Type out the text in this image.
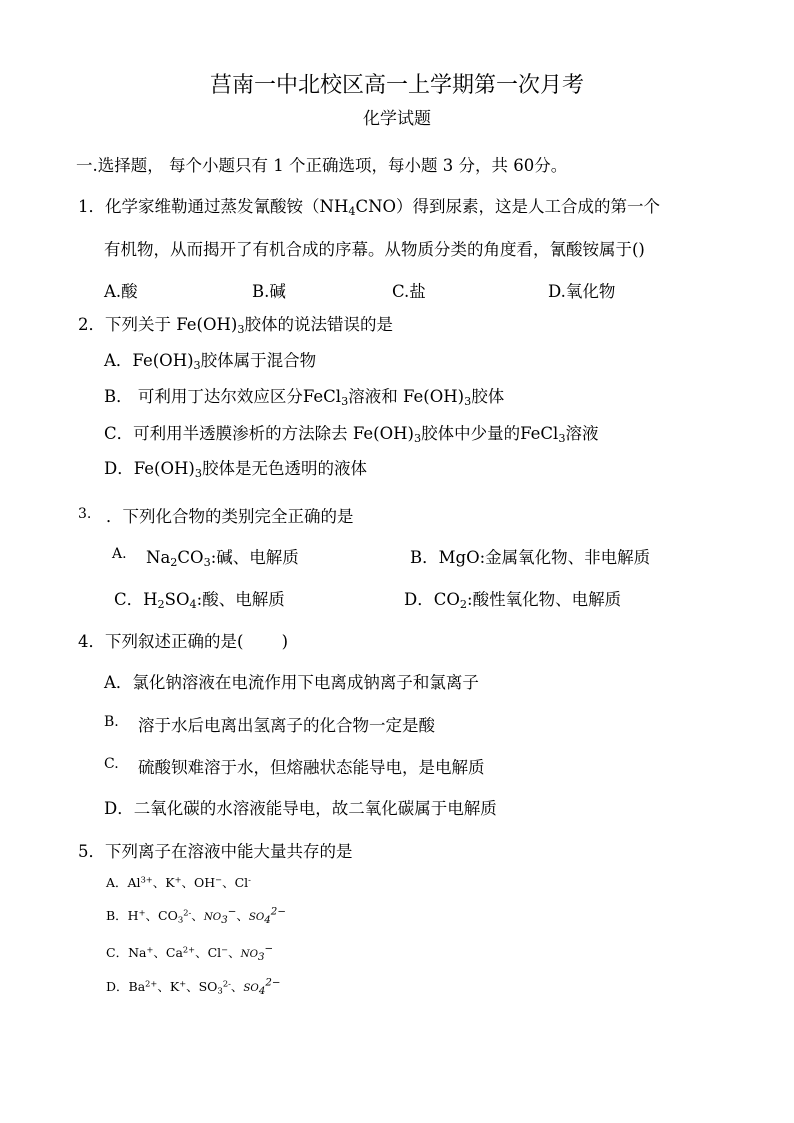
莒南一中北校区高一上学期第一次月考
化学试题
一.选择题， 每个小题只有 1 个正确选项，每小题 3 分，共 60分。
1．化学家维勒通过蒸发氰酸铵$(NH_4CNO)$得到尿素，这是人工合成的第一个
有机物，从而揭开了有机合成的序幕。从物质分类的角度看，氰酸铵属于()
A.酸	B.碱	C.盐	D.氧化物
2．下列关于 $Fe(OH)_3$胶体的说法错误的是
A．$Fe(OH)_3$胶体属于混合物
B． 可利用丁达尔效应区分FeCl$_3$溶液和 $Fe(OH)_3$胶体
C．可利用半透膜渗析的方法除去 $Fe(OH)_3$胶体中少量的FeCl$_3$溶液
D．$Fe(OH)_3$胶体是无色透明的液体
3. ．下列化合物的类别完全正确的是
A. $Na_2CO_3$:碱、电解质	B．MgO:金属氧化物、非电解质
C．$H_2SO_4$:酸、电解质	D．$CO_2$:酸性氧化物、电解质
4．下列叙述正确的是(　　 )
A．氯化钠溶液在电流作用下电离成钠离子和氯离子
B. 溶于水后电离出氢离子的化合物一定是酸
C. 硫酸钡难溶于水，但熔融状态能导电，是电解质
D．二氧化碳的水溶液能导电，故二氧化碳属于电解质
5．下列离子在溶液中能大量共存的是
A．$Al^{3+}$、K+、OH−、Cl-
B．H+、$CO_3^{2-}$、$NO_3^-$、$SO_4^{2-}$
C．Na+、$Ca^{2+}$、Cl−、$NO_3^-$
D．$Ba^{2+}$、K+、$SO_3^{2-}$、$SO_4^{2-}$
